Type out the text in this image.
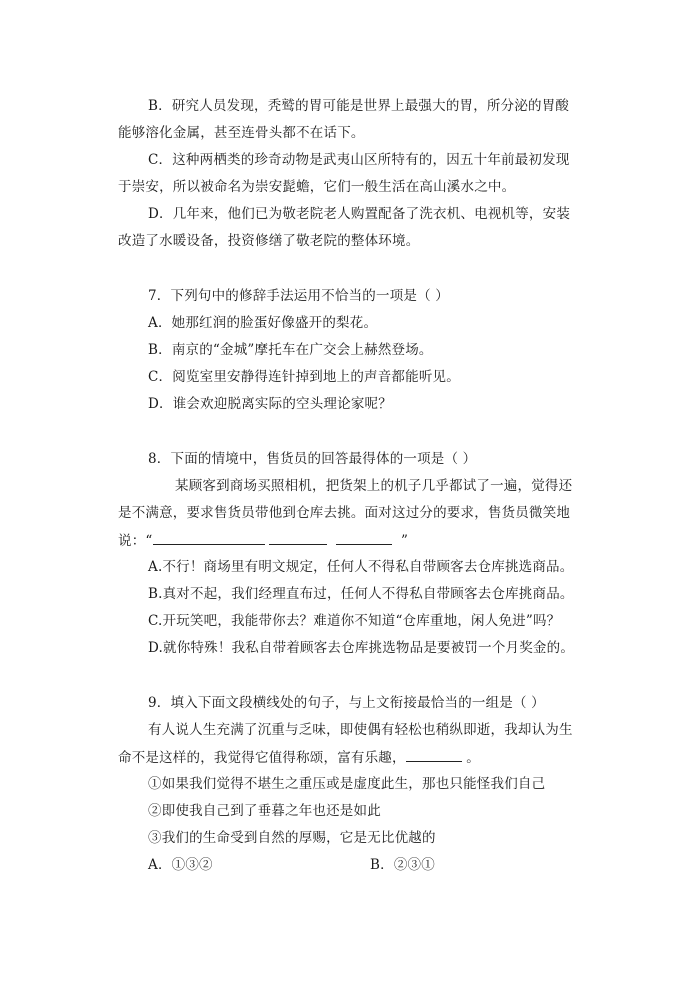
B．研究人员发现，秃鹫的胃可能是世界上最强大的胃，所分泌的胃酸
能够溶化金属，甚至连骨头都不在话下。
C．这种两栖类的珍奇动物是武夷山区所特有的，因五十年前最初发现
于崇安，所以被命名为崇安髭蟾，它们一般生活在高山溪水之中。
D．几年来，他们已为敬老院老人购置配备了洗衣机、电视机等，安装
改造了水暖设备，投资修缮了敬老院的整体环境。
7．下列句中的修辞手法运用不恰当的一项是（ ）
A．她那红润的脸蛋好像盛开的梨花。
B．南京的“金城”摩托车在广交会上赫然登场。
C．阅览室里安静得连针掉到地上的声音都能听见。
D．谁会欢迎脱离实际的空头理论家呢？
8．下面的情境中，售货员的回答最得体的一项是（ ）
某顾客到商场买照相机，把货架上的机子几乎都试了一遍，觉得还
是不满意，要求售货员带他到仓库去挑。面对这过分的要求，售货员微笑地
说：“	”
A.不行！商场里有明文规定，任何人不得私自带顾客去仓库挑选商品。
B.真对不起，我们经理直布过，任何人不得私自带顾客去仓库挑商品。
C.开玩笑吧，我能带你去？难道你不知道“仓库重地，闲人免进”吗？
D.就你特殊！我私自带着顾客去仓库挑选物品是要被罚一个月奖金的。
9．填入下面文段横线处的句子，与上文衔接最恰当的一组是（ ）
有人说人生充满了沉重与乏味，即使偶有轻松也稍纵即逝，我却认为生
命不是这样的，我觉得它值得称颂，富有乐趣，	。
①如果我们觉得不堪生之重压或是虚度此生，那也只能怪我们自己
②即使我自己到了垂暮之年也还是如此
③我们的生命受到自然的厚赐，它是无比优越的
A．①③②	B．②③①
